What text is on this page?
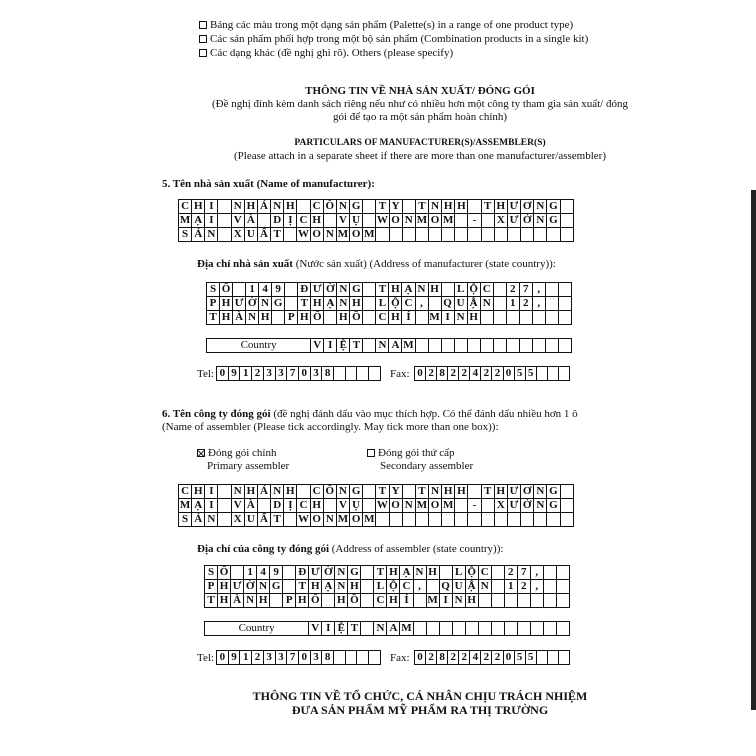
Bảng các màu trong một dạng sản phẩm (Palette(s) in a range of one product type)
Các sản phẩm phối hợp trong một bộ sản phẩm (Combination products in a single kit)
Các dạng khác (đề nghị ghi rõ). Others (please specify)
THÔNG TIN VỀ NHÀ SẢN XUẤT/ ĐÓNG GÓI
(Đề nghị đính kèm danh sách riêng nếu như có nhiều hơn một công ty tham gia sản xuất/ đóng
gói để tạo ra một sản phẩm hoàn chỉnh)
PARTICULARS OF MANUFACTURER(S)/ASSEMBLER(S)
(Please attach in a separate sheet if there are more than one manufacturer/assembler)
5. Tên nhà sản xuất (Name of manufacturer):
C	H	I		N	H	Á	N	H		C	Ô	N	G		T	Y		T	N	H	H		T	H	Ư	Ơ	N	G	
M	Ạ	I		V	À		D	Ị	C	H		V	Ụ		W	O	N	M	O	M		-		X	Ư	Ở	N	G	
S	Ả	N		X	U	Ấ	T		W	O	N	M	O	M															
Địa chỉ nhà sản xuất (Nước sản xuất) (Address of manufacturer (state country)):
S	Ố		1	4	9		Đ	Ư	Ờ	N	G		T	H	Ạ	N	H		L	Ộ	C		2	7	,		
P	H	Ư	Ờ	N	G		T	H	Ạ	N	H		L	Ộ	C	,		Q	U	Ậ	N		1	2	,		
T	H	À	N	H		P	H	Ố		H	Ồ		C	H	Í		M	I	N	H							
Country	V	I	Ệ	T		N	A	M												
Tel: 0	9	1	2	3	3	7	0	3	8					Fax: 0	2	8	2	2	4	2	2	0	5	5			
6. Tên công ty đóng gói (đề nghị đánh dấu vào mục thích hợp. Có thể đánh dấu nhiều hơn 1 ô
(Name of assembler (Please tick accordingly. May tick more than one box)):
Đóng gói chính
Primary assembler
Đóng gói thứ cấp
Secondary assembler
C	H	I		N	H	Á	N	H		C	Ô	N	G		T	Y		T	N	H	H		T	H	Ư	Ơ	N	G	
M	Ạ	I		V	À		D	Ị	C	H		V	Ụ		W	O	N	M	O	M		-		X	Ư	Ở	N	G	
S	Ả	N		X	U	Ấ	T		W	O	N	M	O	M															
Địa chỉ của công ty đóng gói (Address of assembler (state country)):
S	Ố		1	4	9		Đ	Ư	Ờ	N	G		T	H	Ạ	N	H		L	Ộ	C		2	7	,		
P	H	Ư	Ờ	N	G		T	H	Ạ	N	H		L	Ộ	C	,		Q	U	Ậ	N		1	2	,		
T	H	À	N	H		P	H	Ố		H	Ồ		C	H	Í		M	I	N	H							
Country	V	I	Ệ	T		N	A	M												
Tel: 0	9	1	2	3	3	7	0	3	8					Fax: 0	2	8	2	2	4	2	2	0	5	5			
THÔNG TIN VỀ TỔ CHỨC, CÁ NHÂN CHỊU TRÁCH NHIỆM
ĐƯA SẢN PHẨM MỸ PHẨM RA THỊ TRƯỜNG
